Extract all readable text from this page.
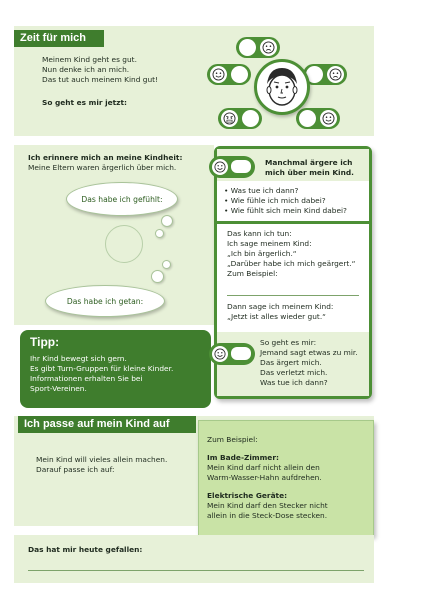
Zeit für mich
Meinem Kind geht es gut.
Nun denke ich an mich.
Das tut auch meinem Kind gut!
So geht es mir jetzt:
Ich erinnere mich an meine Kindheit:
Meine Eltern waren ärgerlich über mich.
Das habe ich gefühlt:
Das habe ich getan:
Tipp:
Ihr Kind bewegt sich gern.
Es gibt Turn-Gruppen für kleine Kinder.
Informationen erhalten Sie bei
Sport-Vereinen.
Manchmal ärgere ich
mich über mein Kind.
• Was tue ich dann?
• Wie fühle ich mich dabei?
• Wie fühlt sich mein Kind dabei?
Das kann ich tun:
Ich sage meinem Kind:
„Ich bin ärgerlich.“
„Darüber habe ich mich geärgert.“
Zum Beispiel:
Dann sage ich meinem Kind:
„Jetzt ist alles wieder gut.“
So geht es mir:
Jemand sagt etwas zu mir.
Das ärgert mich.
Das verletzt mich.
Was tue ich dann?
Ich passe auf mein Kind auf
Mein Kind will vieles allein machen.
Darauf passe ich auf:
Zum Beispiel:
Im Bade-Zimmer:
Mein Kind darf nicht allein den
Warm-Wasser-Hahn aufdrehen.
Elektrische Geräte:
Mein Kind darf den Stecker nicht
allein in die Steck-Dose stecken.
Das hat mir heute gefallen:
